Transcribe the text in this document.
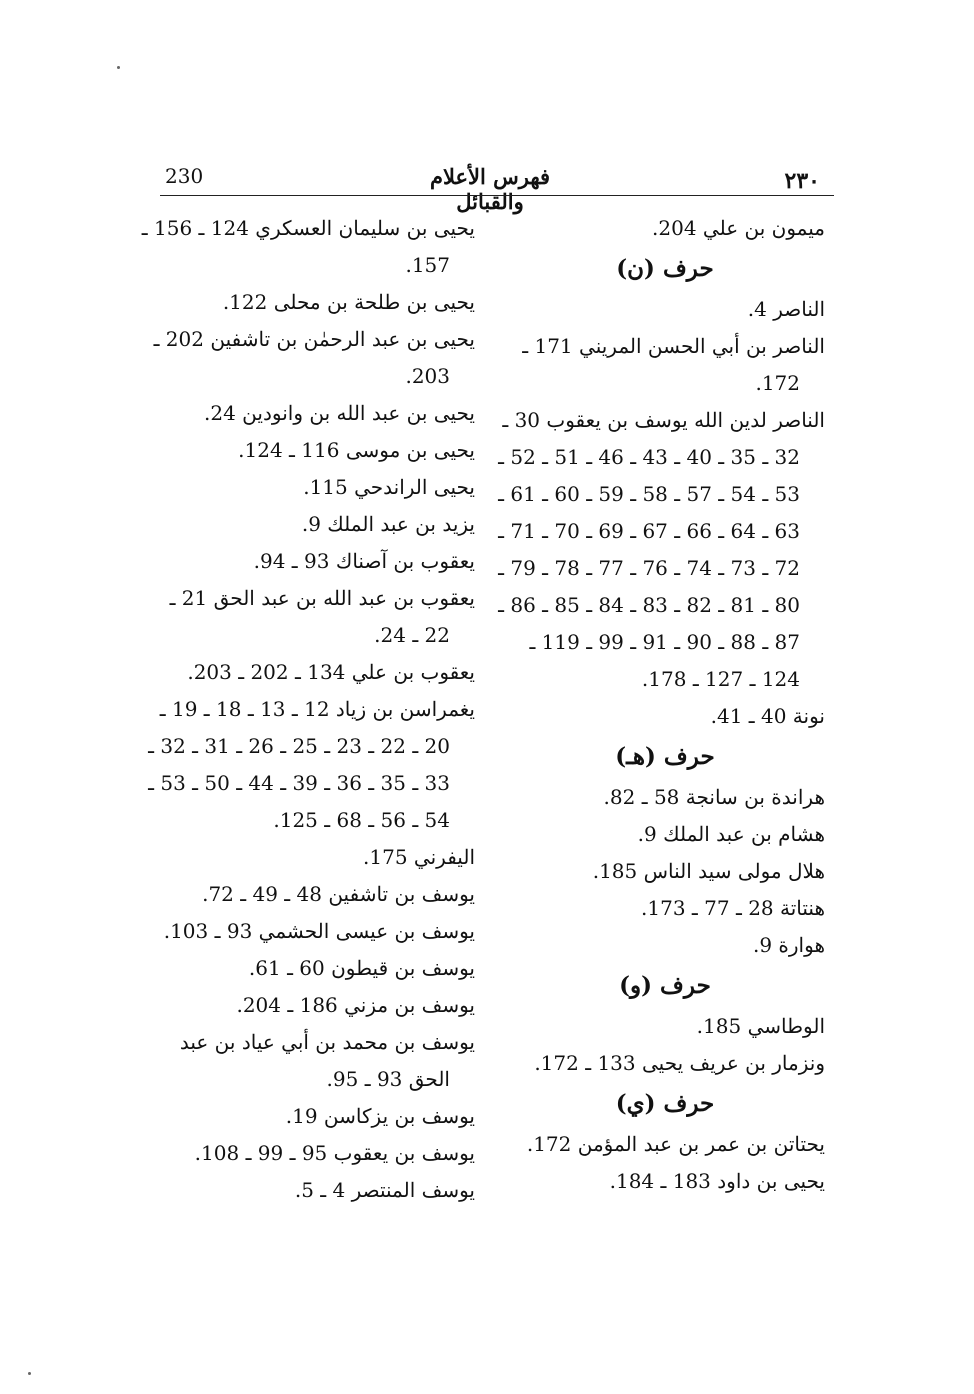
230	فهرس الأعلام والقبائل
٢٣٠
ميمون بن علي 204.
حرف (ن)
الناصر 4.
الناصر بن أبي الحسن المريني 171 ـ
172.
الناصر لدين الله يوسف بن يعقوب 30 ـ
32 ـ 35 ـ 40 ـ 43 ـ 46 ـ 51 ـ 52 ـ
53 ـ 54 ـ 57 ـ 58 ـ 59 ـ 60 ـ 61 ـ
63 ـ 64 ـ 66 ـ 67 ـ 69 ـ 70 ـ 71 ـ
72 ـ 73 ـ 74 ـ 76 ـ 77 ـ 78 ـ 79 ـ
80 ـ 81 ـ 82 ـ 83 ـ 84 ـ 85 ـ 86 ـ
87 ـ 88 ـ 90 ـ 91 ـ 99 ـ 119 ـ
124 ـ 127 ـ 178.
نونة 40 ـ 41.
حرف (هـ)
هراندة بن سانجة 58 ـ 82.
هشام بن عبد الملك 9.
هلال مولى سيد الناس 185.
هنتاتة 28 ـ 77 ـ 173.
هوارة 9.
حرف (و)
الوطاسي 185.
ونزمار بن عريف يحيى 133 ـ 172.
حرف (ي)
يحتاتن بن عمر بن عبد المؤمن 172.
يحيى بن داود 183 ـ 184.
يحيى بن سليمان العسكري 124 ـ 156 ـ
157.
يحيى بن طلحة بن محلى 122.
يحيى بن عبد الرحمٰن بن تاشفين 202 ـ
203.
يحيى بن عبد الله بن وانودين 24.
يحيى بن موسى 116 ـ 124.
يحيى الراندحي 115.
يزيد بن عبد الملك 9.
يعقوب بن آصناك 93 ـ 94.
يعقوب بن عبد الله بن عبد الحق 21 ـ
22 ـ 24.
يعقوب بن علي 134 ـ 202 ـ 203.
يغمراسن بن زياد 12 ـ 13 ـ 18 ـ 19 ـ
20 ـ 22 ـ 23 ـ 25 ـ 26 ـ 31 ـ 32 ـ
33 ـ 35 ـ 36 ـ 39 ـ 44 ـ 50 ـ 53 ـ
54 ـ 56 ـ 68 ـ 125.
اليفرني 175.
يوسف بن تاشفين 48 ـ 49 ـ 72.
يوسف بن عيسى الحشمي 93 ـ 103.
يوسف بن قيطون 60 ـ 61.
يوسف بن مزني 186 ـ 204.
يوسف بن محمد بن أبي عياد بن عبد
الحق 93 ـ 95.
يوسف بن يزكاسن 19.
يوسف بن يعقوب 95 ـ 99 ـ 108.
يوسف المنتصر 4 ـ 5.
